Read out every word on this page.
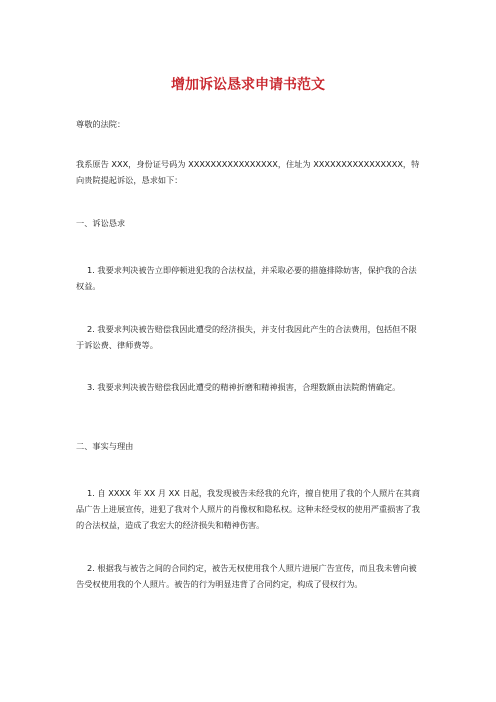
增加诉讼恳求申请书范文
尊敬的法院：
我系原告 XXX，身份证号码为 XXXXXXXXXXXXXXXX，住址为 XXXXXXXXXXXXXXXX，特向贵院提起诉讼，恳求如下：
一、诉讼恳求
1. 我要求判决被告立即停顿进犯我的合法权益，并采取必要的措施排除妨害，保护我的合法权益。
2. 我要求判决被告赔偿我因此遭受的经济损失，并支付我因此产生的合法费用，包括但不限于诉讼费、律师费等。
3. 我要求判决被告赔偿我因此遭受的精神折磨和精神损害，合理数额由法院酌情确定。
二、事实与理由
1. 自 XXXX 年 XX 月 XX 日起，我发现被告未经我的允许，擅自使用了我的个人照片在其商品广告上进展宣传，进犯了我对个人照片的肖像权和隐私权。这种未经受权的使用严重损害了我的合法权益，造成了我宏大的经济损失和精神伤害。
2. 根据我与被告之间的合同约定，被告无权使用我个人照片进展广告宣传，而且我未曾向被告受权使用我的个人照片。被告的行为明显违背了合同约定，构成了侵权行为。
